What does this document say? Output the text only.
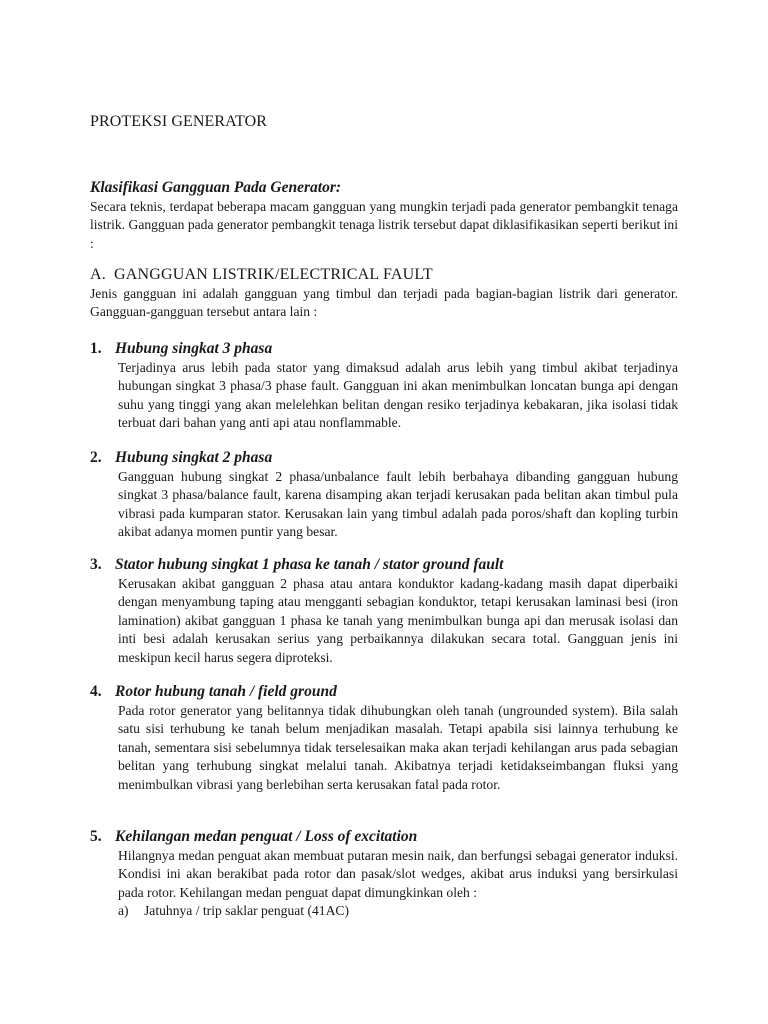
PROTEKSI GENERATOR
Klasifikasi Gangguan Pada Generator:

Secara teknis, terdapat beberapa macam gangguan yang mungkin terjadi pada generator pembangkit tenaga listrik. Gangguan pada generator pembangkit tenaga listrik tersebut dapat diklasifikasikan seperti berikut ini :

A. GANGGUAN LISTRIK/ELECTRICAL FAULT

Jenis gangguan ini adalah gangguan yang timbul dan terjadi pada bagian-bagian listrik dari generator. Gangguan-gangguan tersebut antara lain :

1. Hubung singkat 3 phasa

Terjadinya arus lebih pada stator yang dimaksud adalah arus lebih yang timbul akibat terjadinya hubungan singkat 3 phasa/3 phase fault. Gangguan ini akan menimbulkan loncatan bunga api dengan suhu yang tinggi yang akan melelehkan belitan dengan resiko terjadinya kebakaran, jika isolasi tidak terbuat dari bahan yang anti api atau nonflammable.

2. Hubung singkat 2 phasa

Gangguan hubung singkat 2 phasa/unbalance fault lebih berbahaya dibanding gangguan hubung singkat 3 phasa/balance fault, karena disamping akan terjadi kerusakan pada belitan akan timbul pula vibrasi pada kumparan stator. Kerusakan lain yang timbul adalah pada poros/shaft dan kopling turbin akibat adanya momen puntir yang besar.

3. Stator hubung singkat 1 phasa ke tanah / stator ground fault

Kerusakan akibat gangguan 2 phasa atau antara konduktor kadang-kadang masih dapat diperbaiki dengan menyambung taping atau mengganti sebagian konduktor, tetapi kerusakan laminasi besi (iron lamination) akibat gangguan 1 phasa ke tanah yang menimbulkan bunga api dan merusak isolasi dan inti besi adalah kerusakan serius yang perbaikannya dilakukan secara total. Gangguan jenis ini meskipun kecil harus segera diproteksi.

4. Rotor hubung tanah / field ground

Pada rotor generator yang belitannya tidak dihubungkan oleh tanah (ungrounded system). Bila salah satu sisi terhubung ke tanah belum menjadikan masalah. Tetapi apabila sisi lainnya terhubung ke tanah, sementara sisi sebelumnya tidak terselesaikan maka akan terjadi kehilangan arus pada sebagian belitan yang terhubung singkat melalui tanah. Akibatnya terjadi ketidakseimbangan fluksi yang menimbulkan vibrasi yang berlebihan serta kerusakan fatal pada rotor.

5. Kehilangan medan penguat / Loss of excitation

Hilangnya medan penguat akan membuat putaran mesin naik, dan berfungsi sebagai generator induksi. Kondisi ini akan berakibat pada rotor dan pasak/slot wedges, akibat arus induksi yang bersirkulasi pada rotor. Kehilangan medan penguat dapat dimungkinkan oleh :

a) Jatuhnya / trip saklar penguat (41AC)
